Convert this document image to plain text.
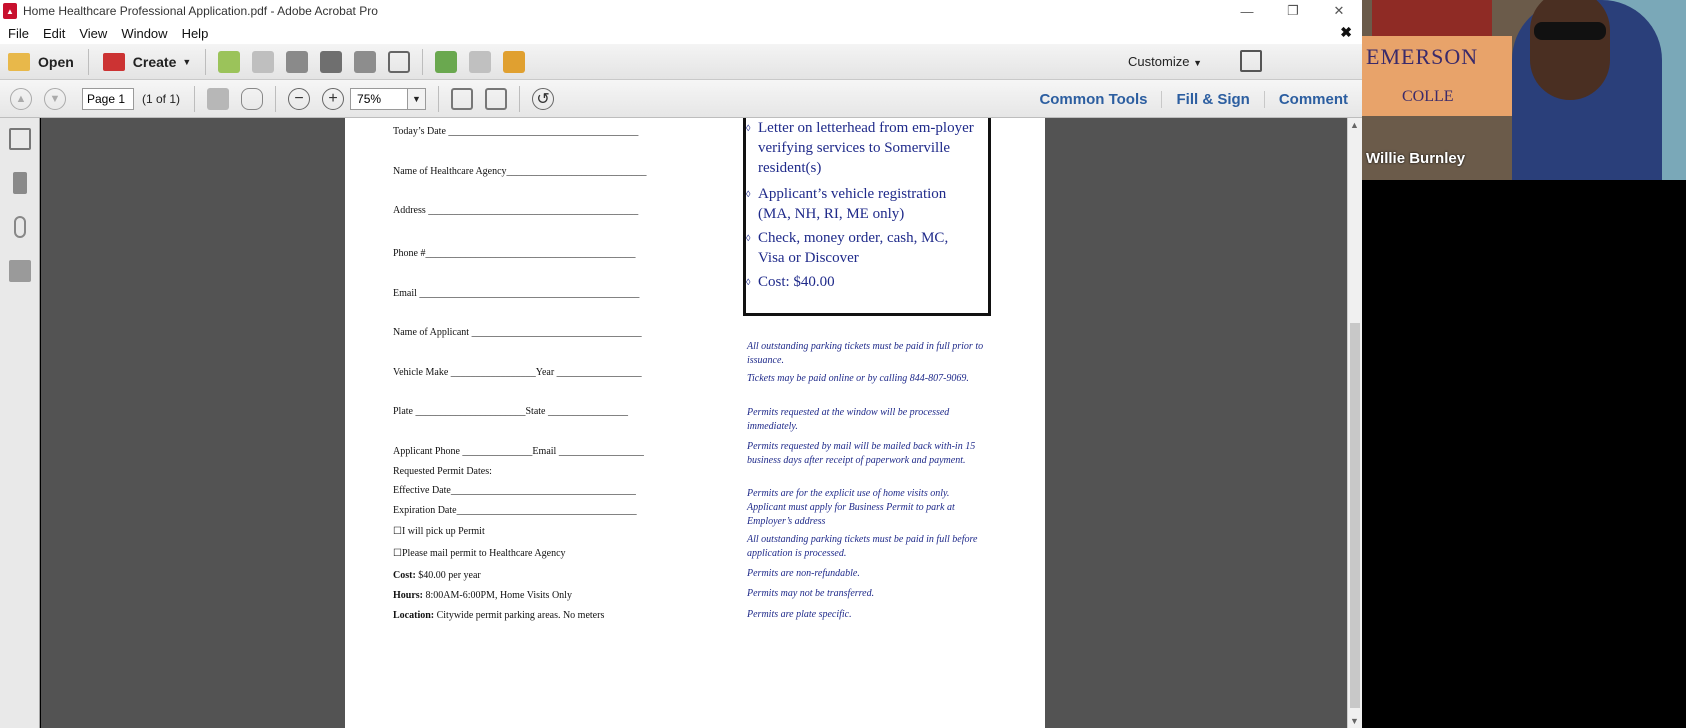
▲ Home Healthcare Professional Application.pdf - Adobe Acrobat Pro	—	❐	✕
File Edit View Window Help	✖
Open	Create ▼	Customize ▼
▲	▼
Page 1	(1 of 1)	−	+
75%	▼	↺	Common Tools	Fill & Sign	Comment
Today’s Date ______________________________________
Name of Healthcare Agency____________________________
Address __________________________________________
Phone #__________________________________________
Email ____________________________________________
Name of Applicant __________________________________
Vehicle Make _________________Year _________________
Plate ______________________State ________________
Applicant Phone ______________Email _________________
Requested Permit Dates:
Effective Date_____________________________________
Expiration Date____________________________________
☐I will pick up Permit
☐Please mail permit to Healthcare Agency
Cost: $40.00 per year
Hours: 8:00AM-6:00PM, Home Visits Only
Location: Citywide permit parking areas. No meters
◊ Letter on letterhead from em-ployer verifying services to Somerville resident(s)
◊ Applicant’s vehicle registration (MA, NH, RI, ME only)
◊ Check, money order, cash, MC, Visa or Discover
◊ Cost: $40.00
All outstanding parking tickets must be paid in full prior to issuance.
Tickets may be paid online or by calling 844-807-9069.
Permits requested at the window will be processed immediately.
Permits requested by mail will be mailed back with-in 15 business days after receipt of paperwork and payment.
Permits are for the explicit use of home visits only. Applicant must apply for Business Permit to park at Employer’s address
All outstanding parking tickets must be paid in full before application is processed.
Permits are non-refundable.
Permits may not be transferred.
Permits are plate specific.
▲
▼
EMERSON
COLLE
Willie Burnley
